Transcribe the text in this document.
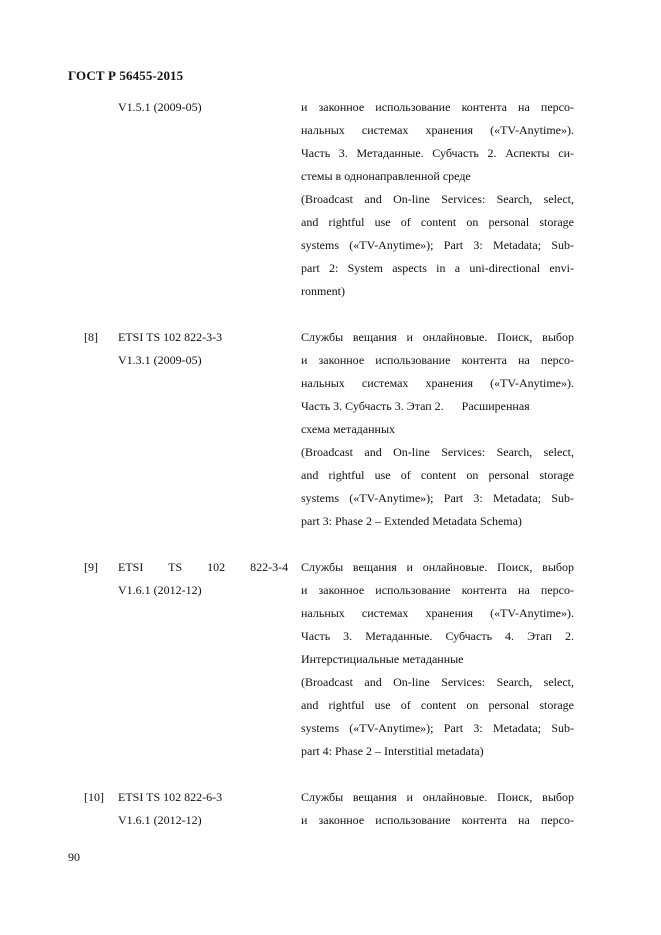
ГОСТ Р 56455-2015
V1.5.1 (2009-05)	и законное использование контента на персо-
нальных системах хранения («TV-Anytime»).
Часть 3. Метаданные. Субчасть 2. Аспекты си-
стемы в однонаправленной среде
(Broadcast and On-line Services: Search, select,
and rightful use of content on personal storage
systems («TV-Anytime»); Part 3: Metadata; Sub-
part 2: System aspects in a uni-directional envi-
ronment)
[8] ETSI TS 102 822-3-3
V1.3.1 (2009-05)
Службы вещания и онлайновые. Поиск, выбор
и законное использование контента на персо-
нальных системах хранения («TV-Anytime»).
Часть 3. Субчасть 3. Этап 2.      Расширенная
схема метаданных
(Broadcast and On-line Services: Search, select,
and rightful use of content on personal storage
systems («TV-Anytime»); Part 3: Metadata; Sub-
part 3: Phase 2 – Extended Metadata Schema)
[9] ETSI TS 102 822-3-4
V1.6.1 (2012-12)
Службы вещания и онлайновые. Поиск, выбор
и законное использование контента на персо-
нальных системах хранения («TV-Anytime»).
Часть 3. Метаданные. Субчасть 4. Этап 2.
Интерстициальные метаданные
(Broadcast and On-line Services: Search, select,
and rightful use of content on personal storage
systems («TV-Anytime»); Part 3: Metadata; Sub-
part 4: Phase 2 – Interstitial metadata)
[10] ETSI TS 102 822-6-3
V1.6.1 (2012-12)
Службы вещания и онлайновые. Поиск, выбор
и законное использование контента на персо-
90
